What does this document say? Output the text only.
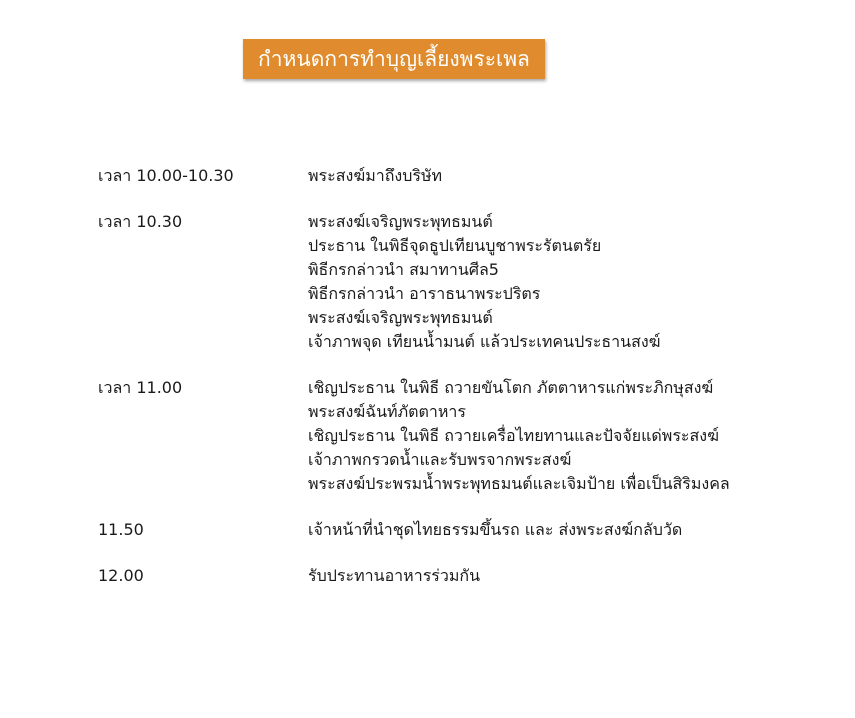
กำหนดการทำบุญเลี้ยงพระเพล
เวลา 10.00-10.30	พระสงฆ์มาถึงบริษัท
เวลา 10.30	พระสงฆ์เจริญพระพุทธมนต์
ประธาน ในพิธีจุดธูปเทียนบูชาพระรัตนตรัย
พิธีกรกล่าวนำ สมาทานศีล5
พิธีกรกล่าวนำ อาราธนาพระปริตร
พระสงฆ์เจริญพระพุทธมนต์
เจ้าภาพจุด เทียนน้ำมนต์ แล้วประเทคนประธานสงฆ์
เวลา 11.00	เชิญประธาน ในพิธี ถวายขันโตก ภัตตาหารแก่พระภิกษุสงฆ์
พระสงฆ์ฉันท์ภัตตาหาร
เชิญประธาน ในพิธี ถวายเครื่อไทยทานและปัจจัยแด่พระสงฆ์
เจ้าภาพกรวดน้ำและรับพรจากพระสงฆ์
พระสงฆ์ประพรมน้ำพระพุทธมนต์และเจิมป้าย เพื่อเป็นสิริมงคล
11.50	เจ้าหน้าที่นำชุดไทยธรรมขึ้นรถ และ ส่งพระสงฆ์กลับวัด
12.00	รับประทานอาหารร่วมกัน
